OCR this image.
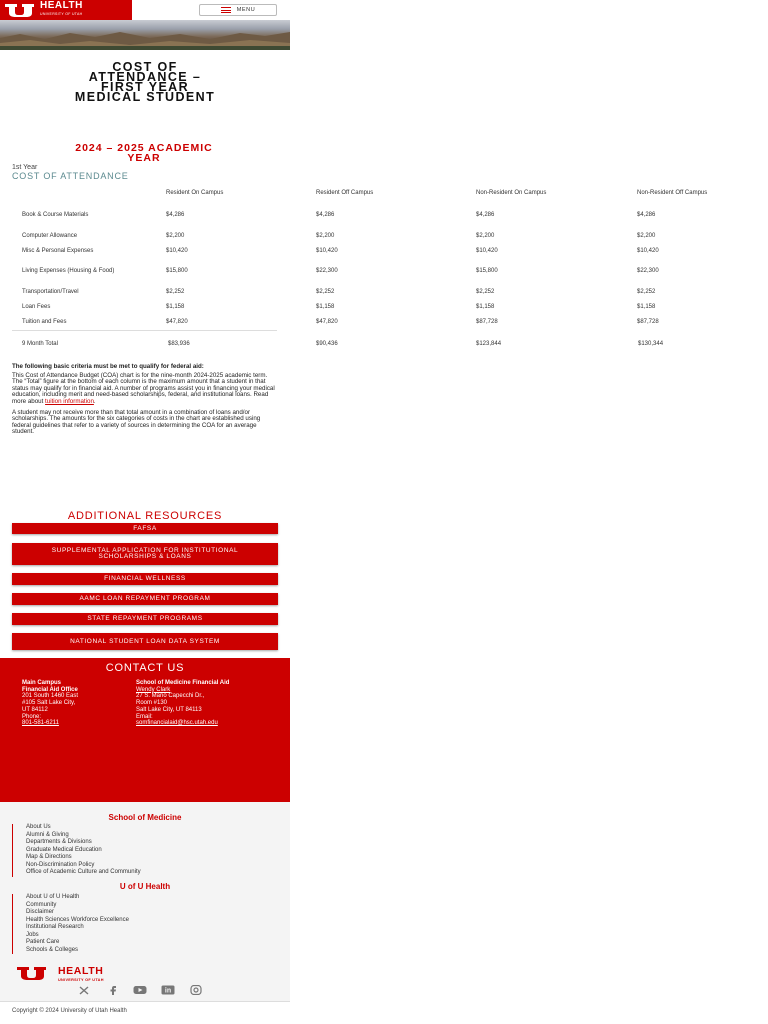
HEALTH
UNIVERSITY OF UTAH
MENU
COST OF
ATTENDANCE –
FIRST YEAR
MEDICAL STUDENT
2024 – 2025 ACADEMIC
YEAR
1st Year
COST OF ATTENDANCE
Resident On Campus	Resident Off Campus	Non-Resident On Campus	Non-Resident Off Campus
Book & Course Materials	$4,286	$4,286	$4,286	$4,286
Computer Allowance	$2,200	$2,200	$2,200	$2,200
Misc & Personal Expenses	$10,420	$10,420	$10,420	$10,420
Living Expenses (Housing & Food)	$15,800	$22,300	$15,800	$22,300
Transportation/Travel	$2,252	$2,252	$2,252	$2,252
Loan Fees	$1,158	$1,158	$1,158	$1,158
Tuition and Fees	$47,820	$47,820	$87,728	$87,728
9 Month Total	$83,936	$90,436	$123,844	$130,344
The following basic criteria must be met to qualify for federal aid:

This Cost of Attendance Budget (COA) chart is for the nine-month 2024-2025 academic term. The “Total” figure at the bottom of each column is the maximum amount that a student in that status may qualify for in financial aid. A number of programs assist you in financing your medical education, including merit and need-based scholarships, federal, and institutional loans. Read more about tuition information.

A student may not receive more than that total amount in a combination of loans and/or scholarships. The amounts for the six categories of costs in the chart are established using federal guidelines that refer to a variety of sources in determining the COA for an average student.

ADDITIONAL RESOURCES
FAFSA
SUPPLEMENTAL APPLICATION FOR INSTITUTIONAL SCHOLARSHIPS & LOANS
FINANCIAL WELLNESS
AAMC LOAN REPAYMENT PROGRAM
STATE REPAYMENT PROGRAMS
NATIONAL STUDENT LOAN DATA SYSTEM
CONTACT US
Main Campus Financial Aid Office
201 South 1460 East #105 Salt Lake City, UT 84112
Phone:
801-581-6211
School of Medicine Financial Aid
Wendy Clark
27 S. Mario Capecchi Dr.,
Room #130
Salt Lake City, UT 84113
Email:
somfinancialaid@hsc.utah.edu
School of Medicine
About Us
Alumni & Giving
Departments & Divisions
Graduate Medical Education
Map & Directions
Non-Discrimination Policy
Office of Academic Culture and Community
U of U Health
About U of U Health
Community
Disclaimer
Health Sciences Workforce Excellence
Institutional Research
Jobs
Patient Care
Schools & Colleges
HEALTH
UNIVERSITY OF UTAH
in
Copyright © 2024 University of Utah Health
